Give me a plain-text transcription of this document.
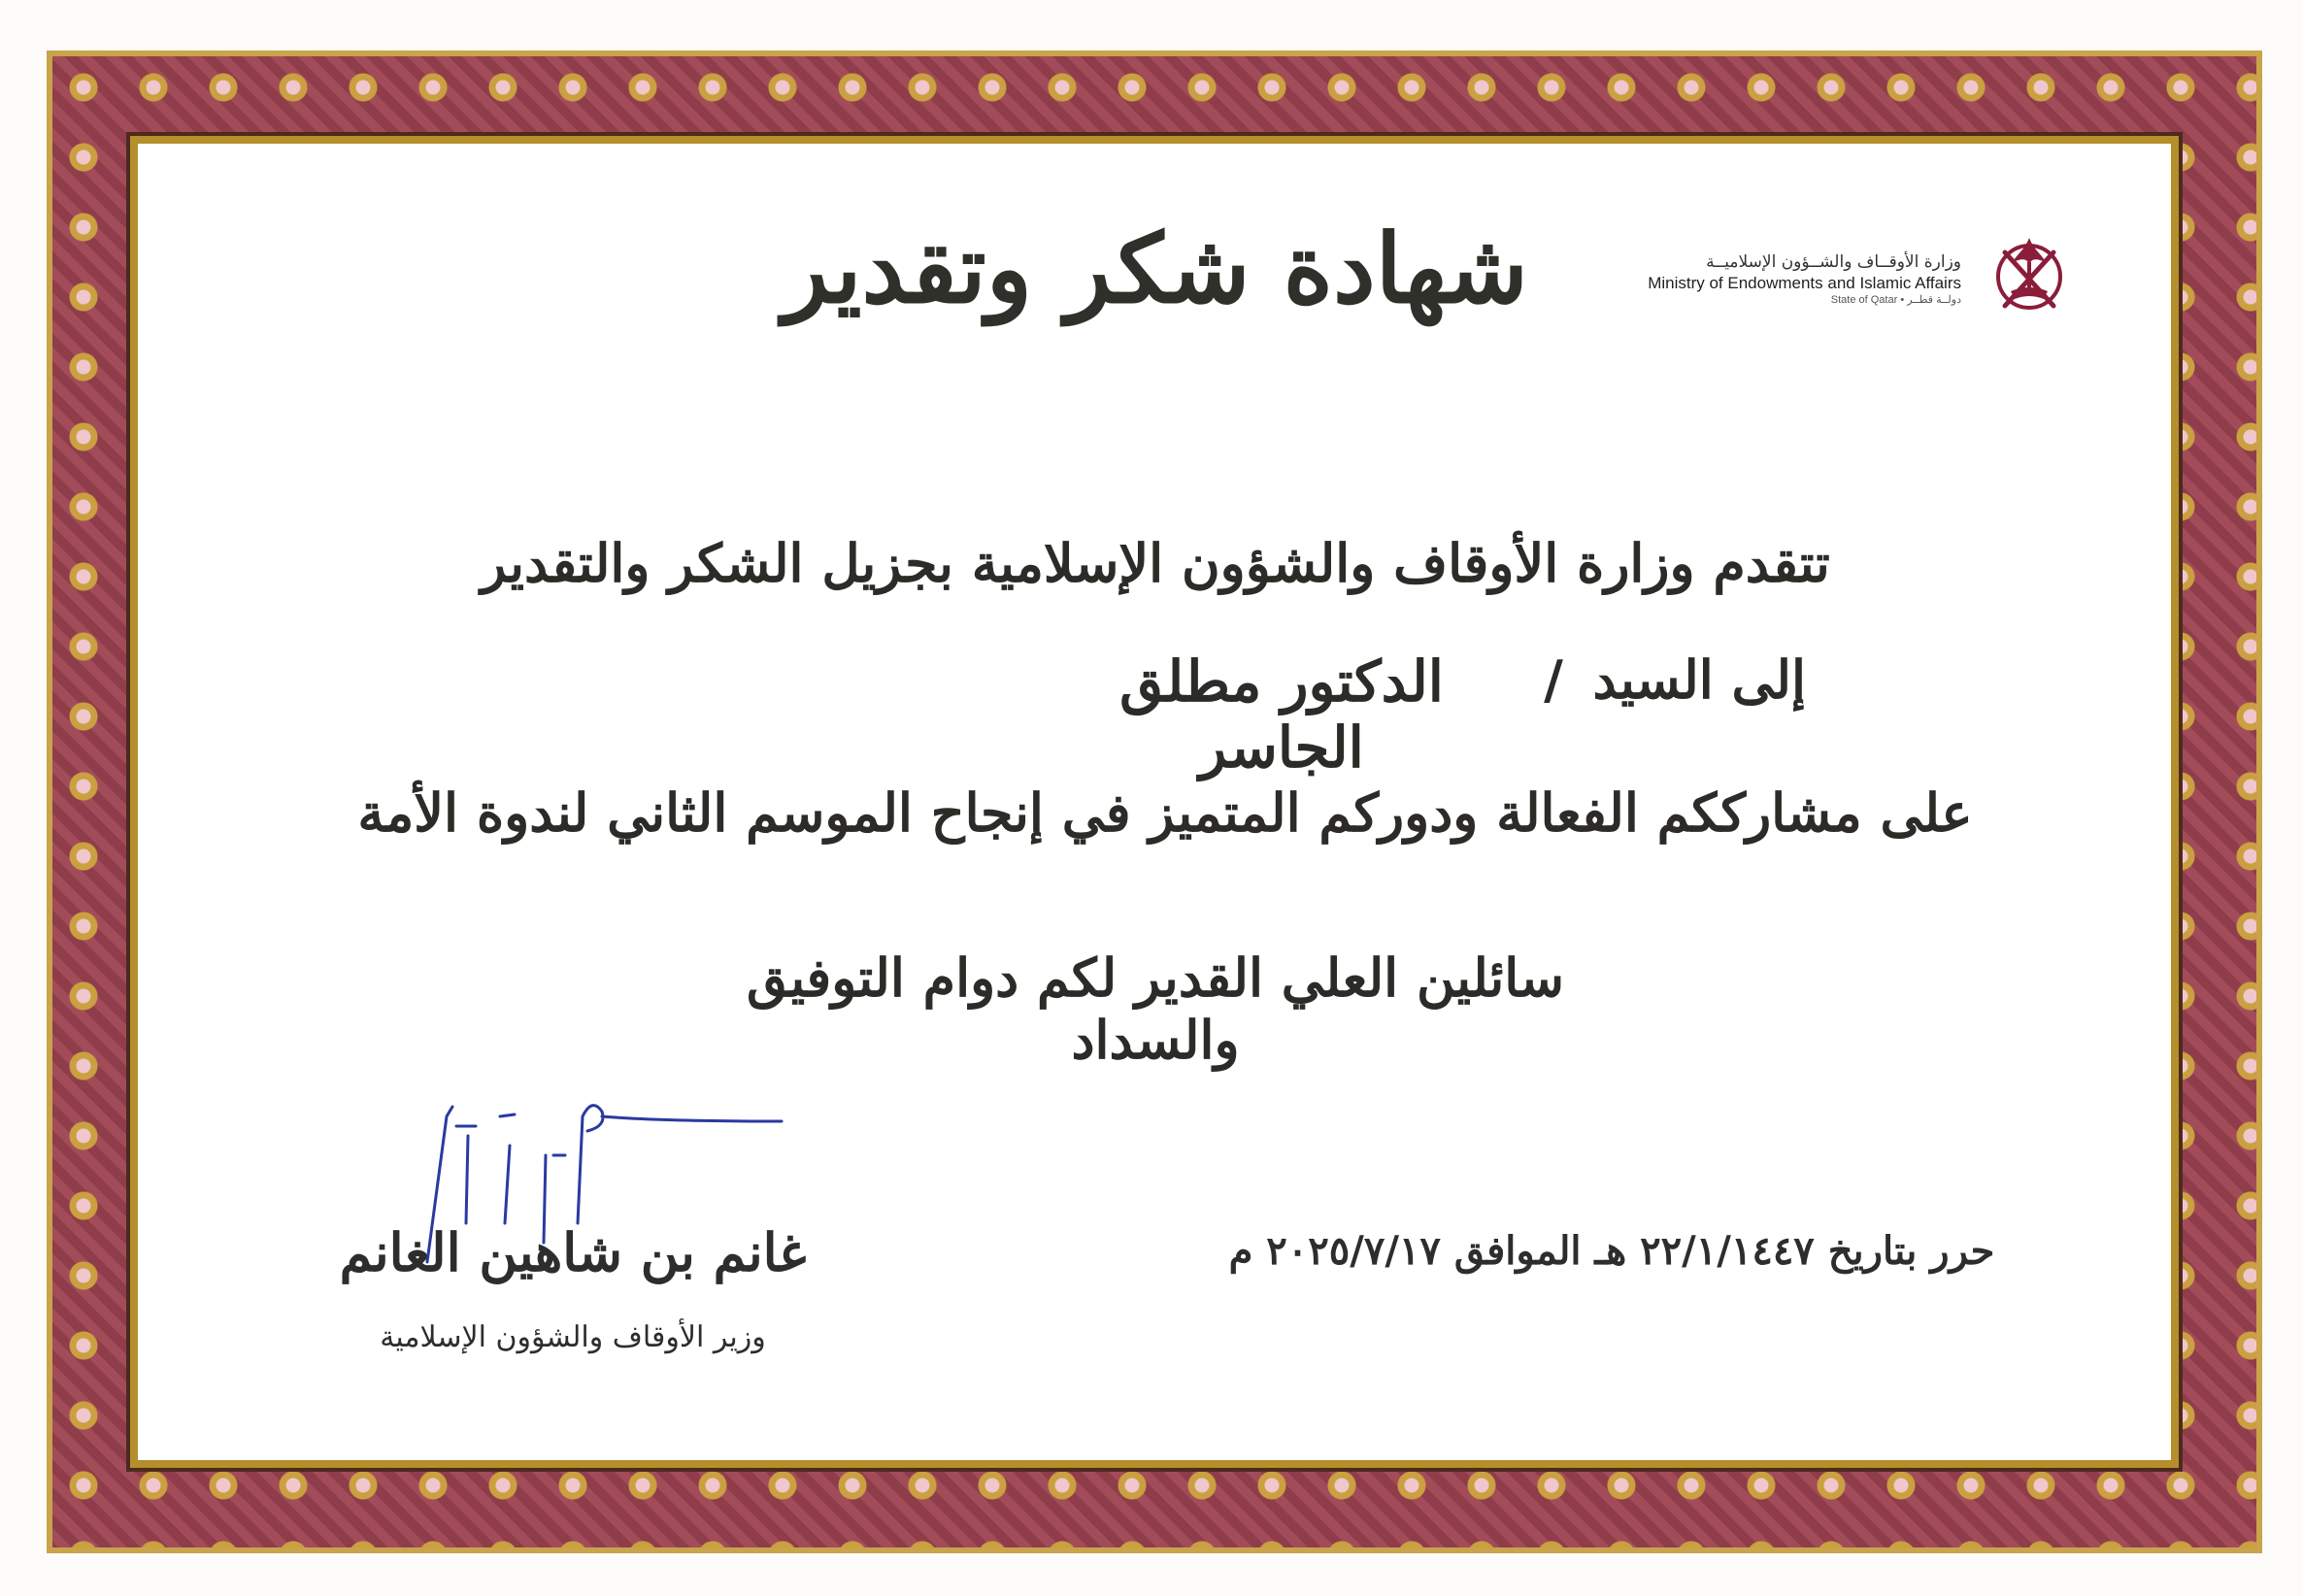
وزارة الأوقــاف والشــؤون الإسلاميــة
Ministry of Endowments and Islamic Affairs
State of Qatar • دولــة قطــر
شهادة شكر وتقدير
تتقدم وزارة الأوقاف والشؤون الإسلامية بجزيل الشكر والتقدير
إلى السيد
/
الدكتور مطلق الجاسر
على مشارككم الفعالة ودوركم المتميز في إنجاح الموسم الثاني لندوة الأمة
سائلين العلي القدير لكم دوام التوفيق والسداد
غانم بن شاهين الغانم
وزير الأوقاف والشؤون الإسلامية
حرر بتاريخ ٢٢/١/١٤٤٧ هـ الموافق ٢٠٢٥/٧/١٧ م
